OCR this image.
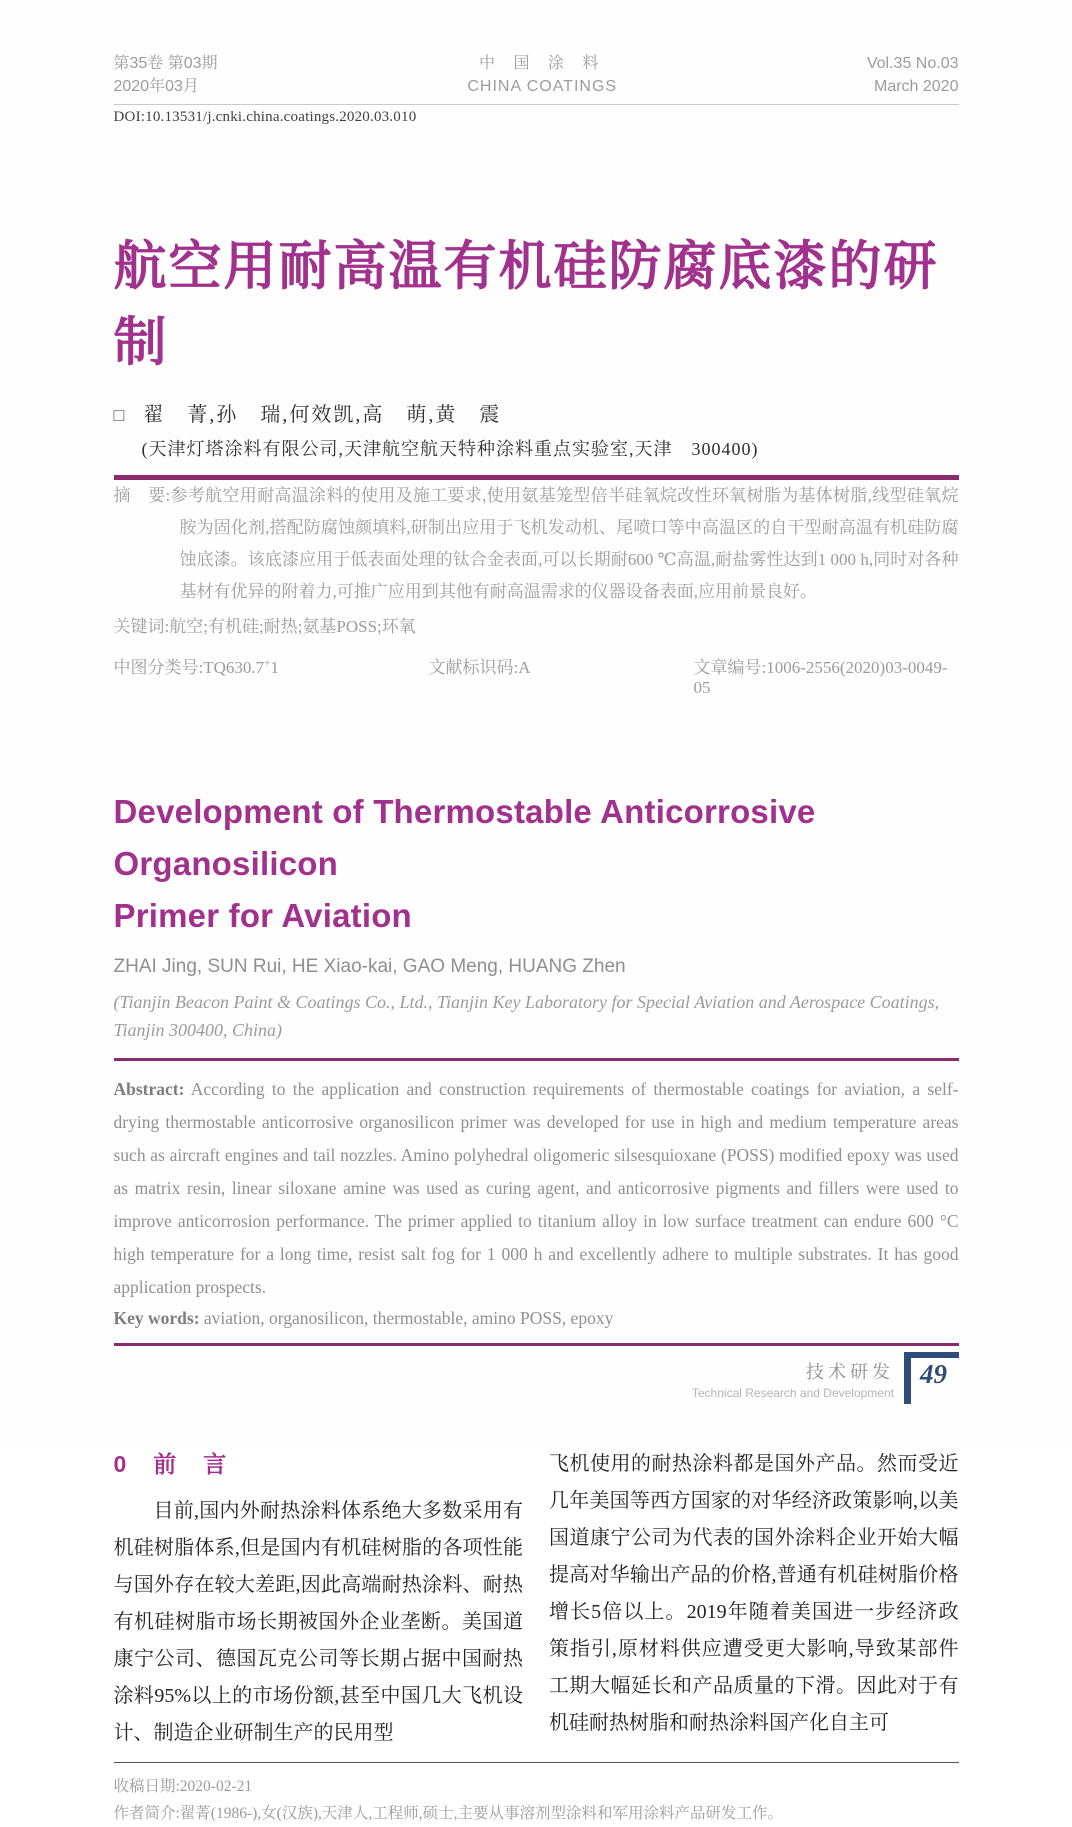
第35卷 第03期
2020年03月
中 国 涂 料
CHINA COATINGS
Vol.35 No.03
March 2020
DOI:10.13531/j.cnki.china.coatings.2020.03.010
航空用耐高温有机硅防腐底漆的研制
□ 翟　菁,孙　瑞,何效凯,高　萌,黄　震
(天津灯塔涂料有限公司,天津航空航天特种涂料重点实验室,天津　300400)

摘　要:参考航空用耐高温涂料的使用及施工要求,使用氨基笼型倍半硅氧烷改性环氧树脂为基体树脂,线型硅氧烷胺为固化剂,搭配防腐蚀颜填料,研制出应用于飞机发动机、尾喷口等中高温区的自干型耐高温有机硅防腐蚀底漆。该底漆应用于低表面处理的钛合金表面,可以长期耐600 ℃高温,耐盐雾性达到1 000 h,同时对各种基材有优异的附着力,可推广应用到其他有耐高温需求的仪器设备表面,应用前景良好。

关键词:航空;有机硅;耐热;氨基POSS;环氧

中图分类号:TQ630.7+1	文献标识码:A	文章编号:1006-2556(2020)03-0049-05
Development of Thermostable Anticorrosive Organosilicon
Primer for Aviation
ZHAI Jing, SUN Rui, HE Xiao-kai, GAO Meng, HUANG Zhen
(Tianjin Beacon Paint & Coatings Co., Ltd., Tianjin Key Laboratory for Special Aviation and Aerospace Coatings, Tianjin 300400, China)

Abstract: According to the application and construction requirements of thermostable coatings for aviation, a self-drying thermostable anticorrosive organosilicon primer was developed for use in high and medium temperature areas such as aircraft engines and tail nozzles. Amino polyhedral oligomeric silsesquioxane (POSS) modified epoxy was used as matrix resin, linear siloxane amine was used as curing agent, and anticorrosive pigments and fillers were used to improve anticorrosion performance. The primer applied to titanium alloy in low surface treatment can endure 600 °C high temperature for a long time, resist salt fog for 1 000 h and excellently adhere to multiple substrates. It has good application prospects.

Key words: aviation, organosilicon, thermostable, amino POSS, epoxy

0　前　言

目前,国内外耐热涂料体系绝大多数采用有机硅树脂体系,但是国内有机硅树脂的各项性能与国外存在较大差距,因此高端耐热涂料、耐热有机硅树脂市场长期被国外企业垄断。美国道康宁公司、德国瓦克公司等长期占据中国耐热涂料95%以上的市场份额,甚至中国几大飞机设计、制造企业研制生产的民用型

飞机使用的耐热涂料都是国外产品。然而受近几年美国等西方国家的对华经济政策影响,以美国道康宁公司为代表的国外涂料企业开始大幅提高对华输出产品的价格,普通有机硅树脂价格增长5倍以上。2019年随着美国进一步经济政策指引,原材料供应遭受更大影响,导致某部件工期大幅延长和产品质量的下滑。因此对于有机硅耐热树脂和耐热涂料国产化自主可

收稿日期:2020-02-21
作者简介:翟菁(1986-),女(汉族),天津人,工程师,硕士,主要从事溶剂型涂料和军用涂料产品研发工作。
技术研发
Technical Research and Development
49
